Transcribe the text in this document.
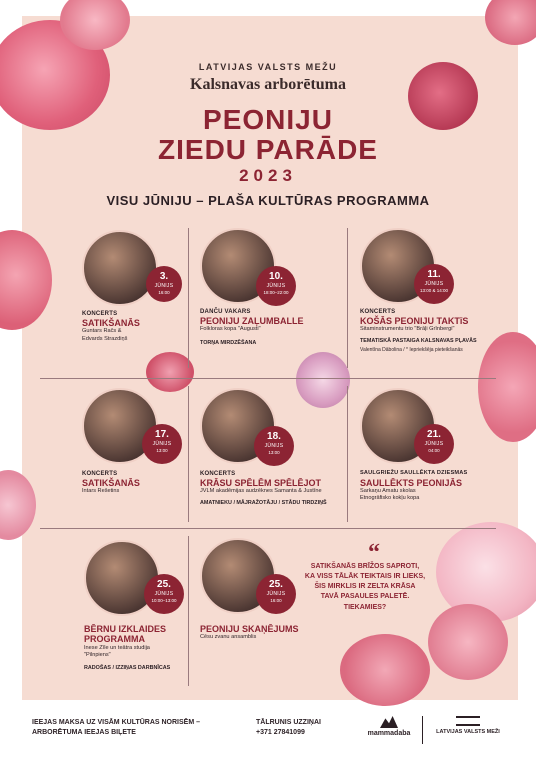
LATVIJAS VALSTS MEŽU
Kalsnavas arborētuma
PEONIJU
ZIEDU PARĀDE
2023
VISU JŪNIJU – PLAŠA KULTŪRAS PROGRAMMA
3.
JŪNIJS
16:00
KONCERTS
SATIKŠANĀS
Guntars Račs &
Edvards Strazdiņš
10.
JŪNIJS
18:00–22:00
DANČU VAKARS
PEONIJU ZAĻUMBALLE
Folkloras kopa "Augusti"
TORŅA MIRDZĒŠANA
11.
JŪNIJS
13:00 & 14:00
KONCERTS
KOŠĀS PEONIJU TAKTīS
Sitaminstrumentu trio "Brāļi Grīnbergi"
TEMATISKĀ PASTAIGA KALSNAVAS PĻAVĀS
Valentīna Dābolina / * Iepriekšēja pieteikšanās
17.
JŪNIJS
13:00
KONCERTS
SATIKŠANĀS
Intars Rešetins
18.
JŪNIJS
13:00
KONCERTS
KRĀSU SPĒLĒM SPĒLĒJOT
JVLM akadēmijas audzēknes Samanta & Justīne
AMATNIEKU / MĀJRAŽOTĀJU / STĀDU TIRDZIŅŠ
21.
JŪNIJS
04:00
SAULGRIEŽU SAULLĒKTA DZIESMAS
SAULLĒKTS PEONIJĀS
Sarkaņu Amatu skolas
Etnogrāfisko kokļu kopa
25.
JŪNIJS
10:00–13:00
BĒRNU IZKLAIDES PROGRAMMA
Inese Zīle un teātra studija
"Pilnpiens"
RADOŠAS / IZZIŅAS DARBNĪCAS
25.
JŪNIJS
16:00
PEONIJU SKAŅĒJUMS
Cēsu zvanu ansamblis
“
SATIKŠANĀS BRĪŽOS SAPROTI,
KA VISS TĀLĀK TEIKTAIS IR LIEKS,
ŠIS MIRKLIS IR ZELTA KRĀSA
TAVĀ PASAULES PALETĒ.
TIEKAMIES?
IEEJAS MAKSA UZ VISĀM KULTŪRAS NORISĒM –
ARBORĒTUMA IEEJAS BIĻETE
TĀLRUNIS UZZIŅAI
+371 27841099	mammadaba	LATVIJAS VALSTS MEŽI
